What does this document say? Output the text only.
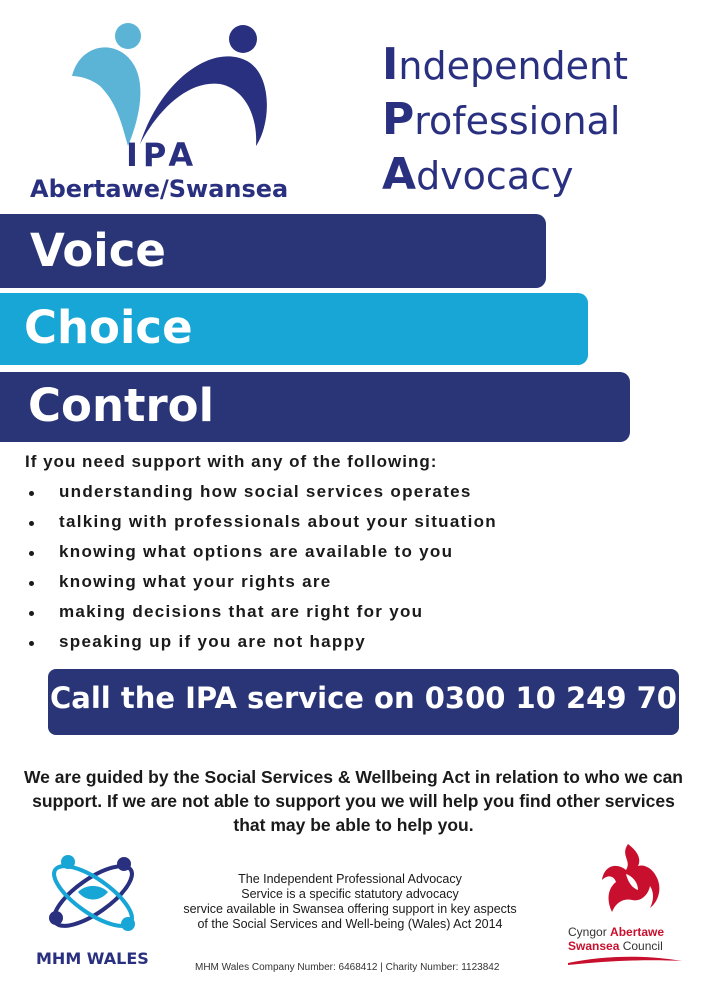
IPA
Abertawe/Swansea
Independent
Professional
Advocacy
Voice
Choice
Control
If you need support with any of the following:
understanding how social services operates
talking with professionals about your situation
knowing what options are available to you
knowing what your rights are
making decisions that are right for you
speaking up if you are not happy
Call the IPA service on 0300 10 249 70
We are guided by the Social Services & Wellbeing Act in relation to who we can support. If we are not able to support you we will help you find other services that may be able to help you.
MHM WALES
The Independent Professional Advocacy
Service is a specific statutory advocacy
service available in Swansea offering support in key aspects
of the Social Services and Well-being (Wales) Act 2014
MHM Wales Company Number: 6468412 | Charity Number: 1123842
Cyngor Abertawe
Swansea Council
